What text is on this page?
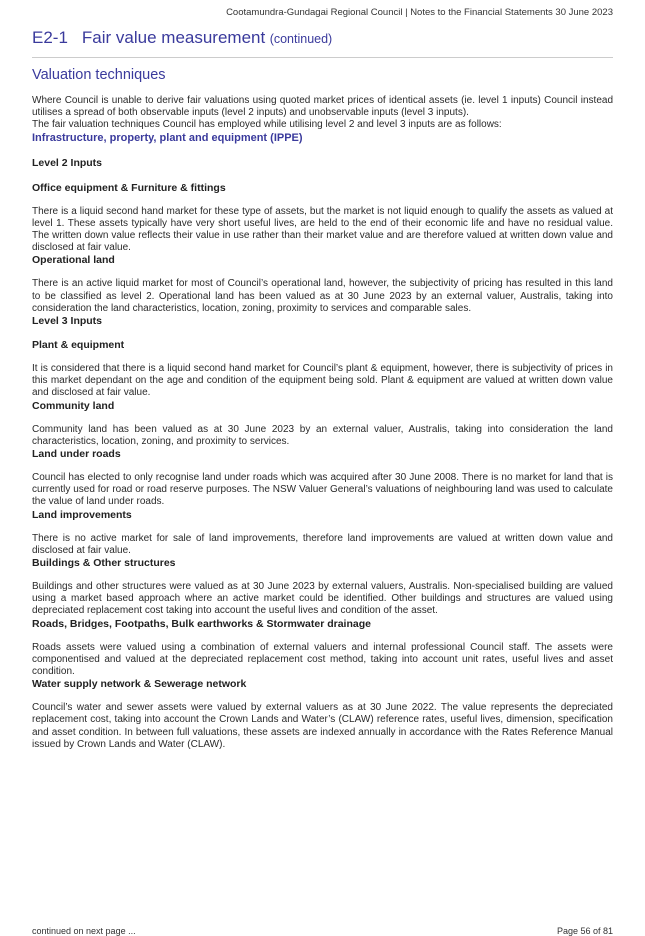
Cootamundra-Gundagai Regional Council | Notes to the Financial Statements 30 June 2023
E2-1 Fair value measurement (continued)
Valuation techniques

Where Council is unable to derive fair valuations using quoted market prices of identical assets (ie. level 1 inputs) Council instead utilises a spread of both observable inputs (level 2 inputs) and unobservable inputs (level 3 inputs).

The fair valuation techniques Council has employed while utilising level 2 and level 3 inputs are as follows:

Infrastructure, property, plant and equipment (IPPE)
Level 2 Inputs
Office equipment & Furniture & fittings

There is a liquid second hand market for these type of assets, but the market is not liquid enough to qualify the assets as valued at level 1. These assets typically have very short useful lives, are held to the end of their economic life and have no residual value. The written down value reflects their value in use rather than their market value and are therefore valued at written down value and disclosed at fair value.

Operational land

There is an active liquid market for most of Council’s operational land, however, the subjectivity of pricing has resulted in this land to be classified as level 2. Operational land has been valued as at 30 June 2023 by an external valuer, Australis, taking into consideration the land characteristics, location, zoning, proximity to services and comparable sales.

Level 3 Inputs
Plant & equipment

It is considered that there is a liquid second hand market for Council’s plant & equipment, however, there is subjectivity of prices in this market dependant on the age and condition of the equipment being sold. Plant & equipment are valued at written down value and disclosed at fair value.

Community land

Community land has been valued as at 30 June 2023 by an external valuer, Australis, taking into consideration the land characteristics, location, zoning, and proximity to services.

Land under roads

Council has elected to only recognise land under roads which was acquired after 30 June 2008. There is no market for land that is currently used for road or road reserve purposes. The NSW Valuer General’s valuations of neighbouring land was used to calculate the value of land under roads.

Land improvements

There is no active market for sale of land improvements, therefore land improvements are valued at written down value and disclosed at fair value.

Buildings & Other structures

Buildings and other structures were valued as at 30 June 2023 by external valuers, Australis. Non-specialised building are valued using a market based approach where an active market could be identified. Other buildings and structures are valued using depreciated replacement cost taking into account the useful lives and condition of the asset.

Roads, Bridges, Footpaths, Bulk earthworks & Stormwater drainage

Roads assets were valued using a combination of external valuers and internal professional Council staff. The assets were componentised and valued at the depreciated replacement cost method, taking into account unit rates, useful lives and asset condition.

Water supply network & Sewerage network

Council’s water and sewer assets were valued by external valuers as at 30 June 2022. The value represents the depreciated replacement cost, taking into account the Crown Lands and Water’s (CLAW) reference rates, useful lives, dimension, specification and asset condition. In between full valuations, these assets are indexed annually in accordance with the Rates Reference Manual issued by Crown Lands and Water (CLAW).

continued on next page ...	Page 56 of 81
